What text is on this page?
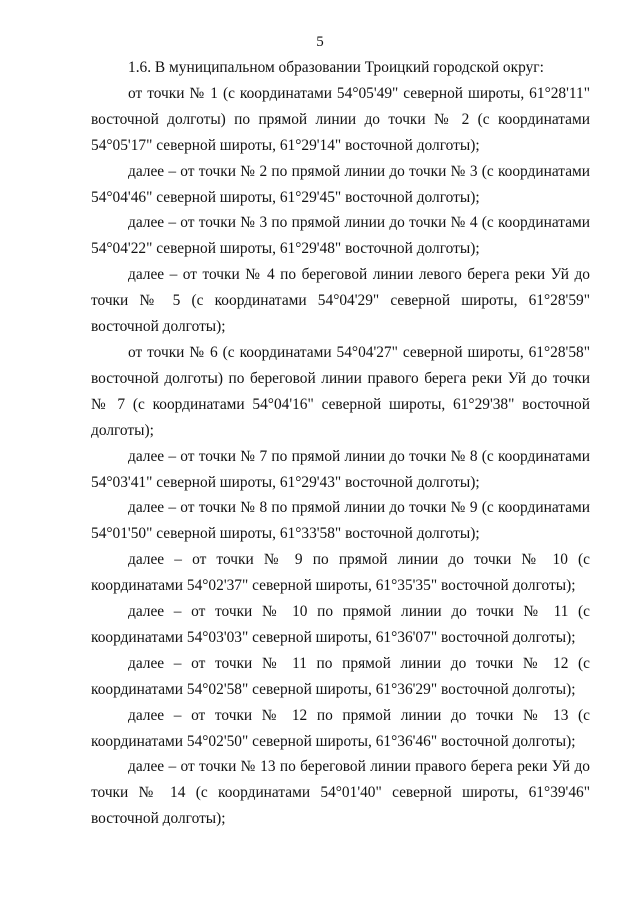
5

1.6. В муниципальном образовании Троицкий городской округ:

от точки № 1 (с координатами 54°05'49" северной широты, 61°28'11" восточной долготы) по прямой линии до точки № 2 (с координатами 54°05'17" северной широты, 61°29'14" восточной долготы);

далее – от точки № 2 по прямой линии до точки № 3 (с координатами 54°04'46" северной широты, 61°29'45" восточной долготы);

далее – от точки № 3 по прямой линии до точки № 4 (с координатами 54°04'22" северной широты, 61°29'48" восточной долготы);

далее – от точки № 4 по береговой линии левого берега реки Уй до точки № 5 (с координатами 54°04'29" северной широты, 61°28'59" восточной долготы);

от точки № 6 (с координатами 54°04'27" северной широты, 61°28'58" восточной долготы) по береговой линии правого берега реки Уй до точки № 7 (с координатами 54°04'16" северной широты, 61°29'38" восточной долготы);

далее – от точки № 7 по прямой линии до точки № 8 (с координатами 54°03'41" северной широты, 61°29'43" восточной долготы);

далее – от точки № 8 по прямой линии до точки № 9 (с координатами 54°01'50" северной широты, 61°33'58" восточной долготы);

далее – от точки № 9 по прямой линии до точки № 10 (с координатами 54°02'37" северной широты, 61°35'35" восточной долготы);

далее – от точки № 10 по прямой линии до точки № 11 (с координатами 54°03'03" северной широты, 61°36'07" восточной долготы);

далее – от точки № 11 по прямой линии до точки № 12 (с координатами 54°02'58" северной широты, 61°36'29" восточной долготы);

далее – от точки № 12 по прямой линии до точки № 13 (с координатами 54°02'50" северной широты, 61°36'46" восточной долготы);

далее – от точки № 13 по береговой линии правого берега реки Уй до точки № 14 (с координатами 54°01'40" северной широты, 61°39'46" восточной долготы);
